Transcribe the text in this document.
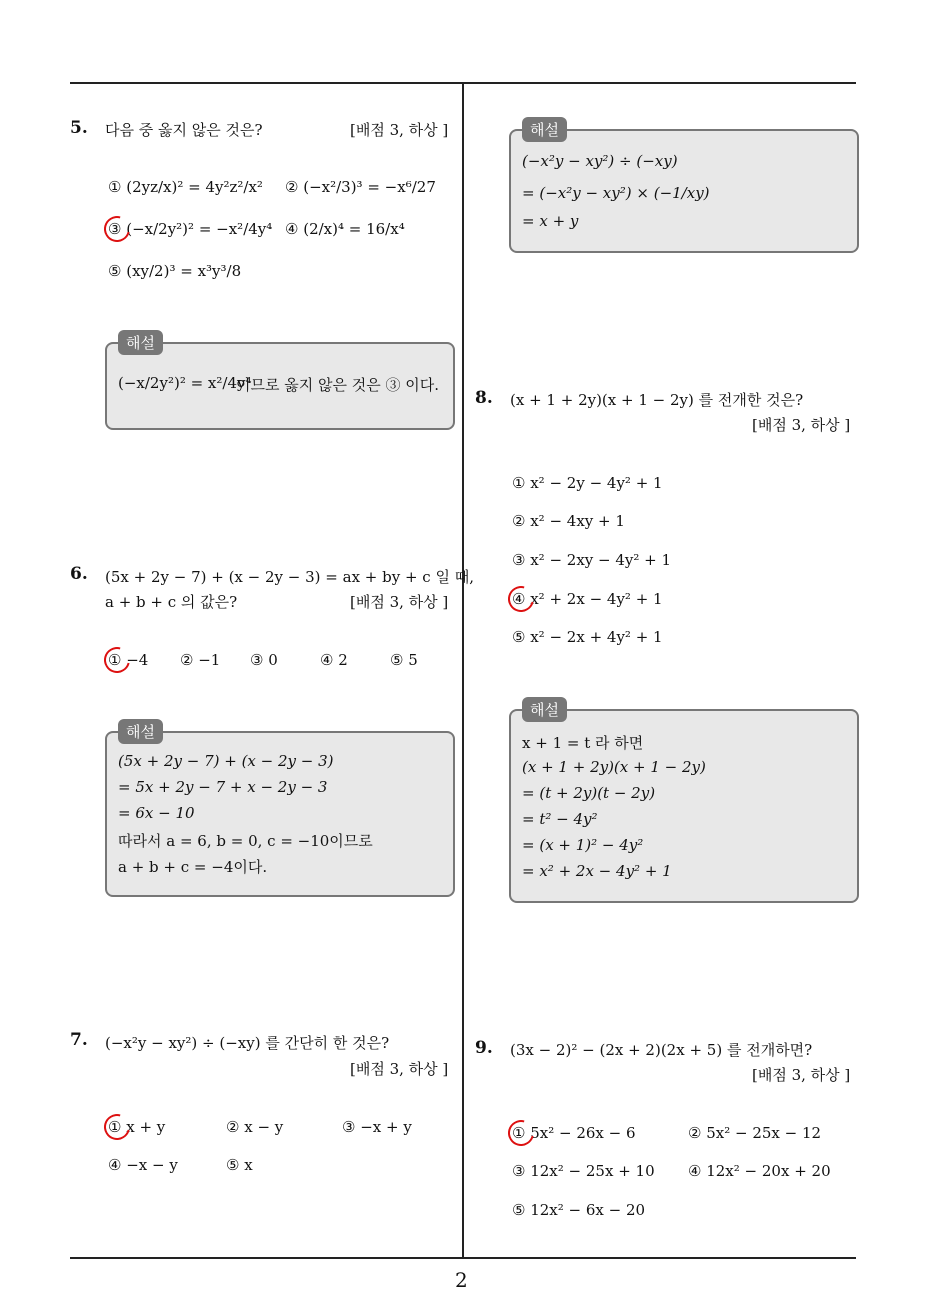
5. 다음 중 옳지 않은 것은?	[배점 3, 하상 ]
① (2yz/x)² = 4y²z²/x² ② (−x²/3)³ = −x⁶/27
③ (−x/2y²)² = −x²/4y⁴ ④ (2/x)⁴ = 16/x⁴
⑤ (xy/2)³ = x³y³/8
해설
(−x/2y²)² = x²/4y⁴
이므로 옳지 않은 것은 ③ 이다.
6. (5x + 2y − 7) + (x − 2y − 3) = ax + by + c 일 때,
a + b + c 의 값은?	[배점 3, 하상 ]
① −4 ② −1 ③ 0	④ 2	⑤ 5
해설
(5x + 2y − 7) + (x − 2y − 3)
= 5x + 2y − 7 + x − 2y − 3
= 6x − 10
따라서 a = 6, b = 0, c = −10이므로
a + b + c = −4이다.
7. (−x²y − xy²) ÷ (−xy) 를 간단히 한 것은?
[배점 3, 하상 ]
① x + y	② x − y	③ −x + y
④ −x − y	⑤ x
해설
(−x²y − xy²) ÷ (−xy)
= (−x²y − xy²) × (−1/xy)
= x + y
8. (x + 1 + 2y)(x + 1 − 2y) 를 전개한 것은?
[배점 3, 하상 ]
① x² − 2y − 4y² + 1
② x² − 4xy + 1
③ x² − 2xy − 4y² + 1
④ x² + 2x − 4y² + 1
⑤ x² − 2x + 4y² + 1
해설
x + 1 = t 라 하면
(x + 1 + 2y)(x + 1 − 2y)
= (t + 2y)(t − 2y)
= t² − 4y²
= (x + 1)² − 4y²
= x² + 2x − 4y² + 1
9. (3x − 2)² − (2x + 2)(2x + 5) 를 전개하면?
[배점 3, 하상 ]
① 5x² − 26x − 6	② 5x² − 25x − 12
③ 12x² − 25x + 10 ④ 12x² − 20x + 20
⑤ 12x² − 6x − 20
2
